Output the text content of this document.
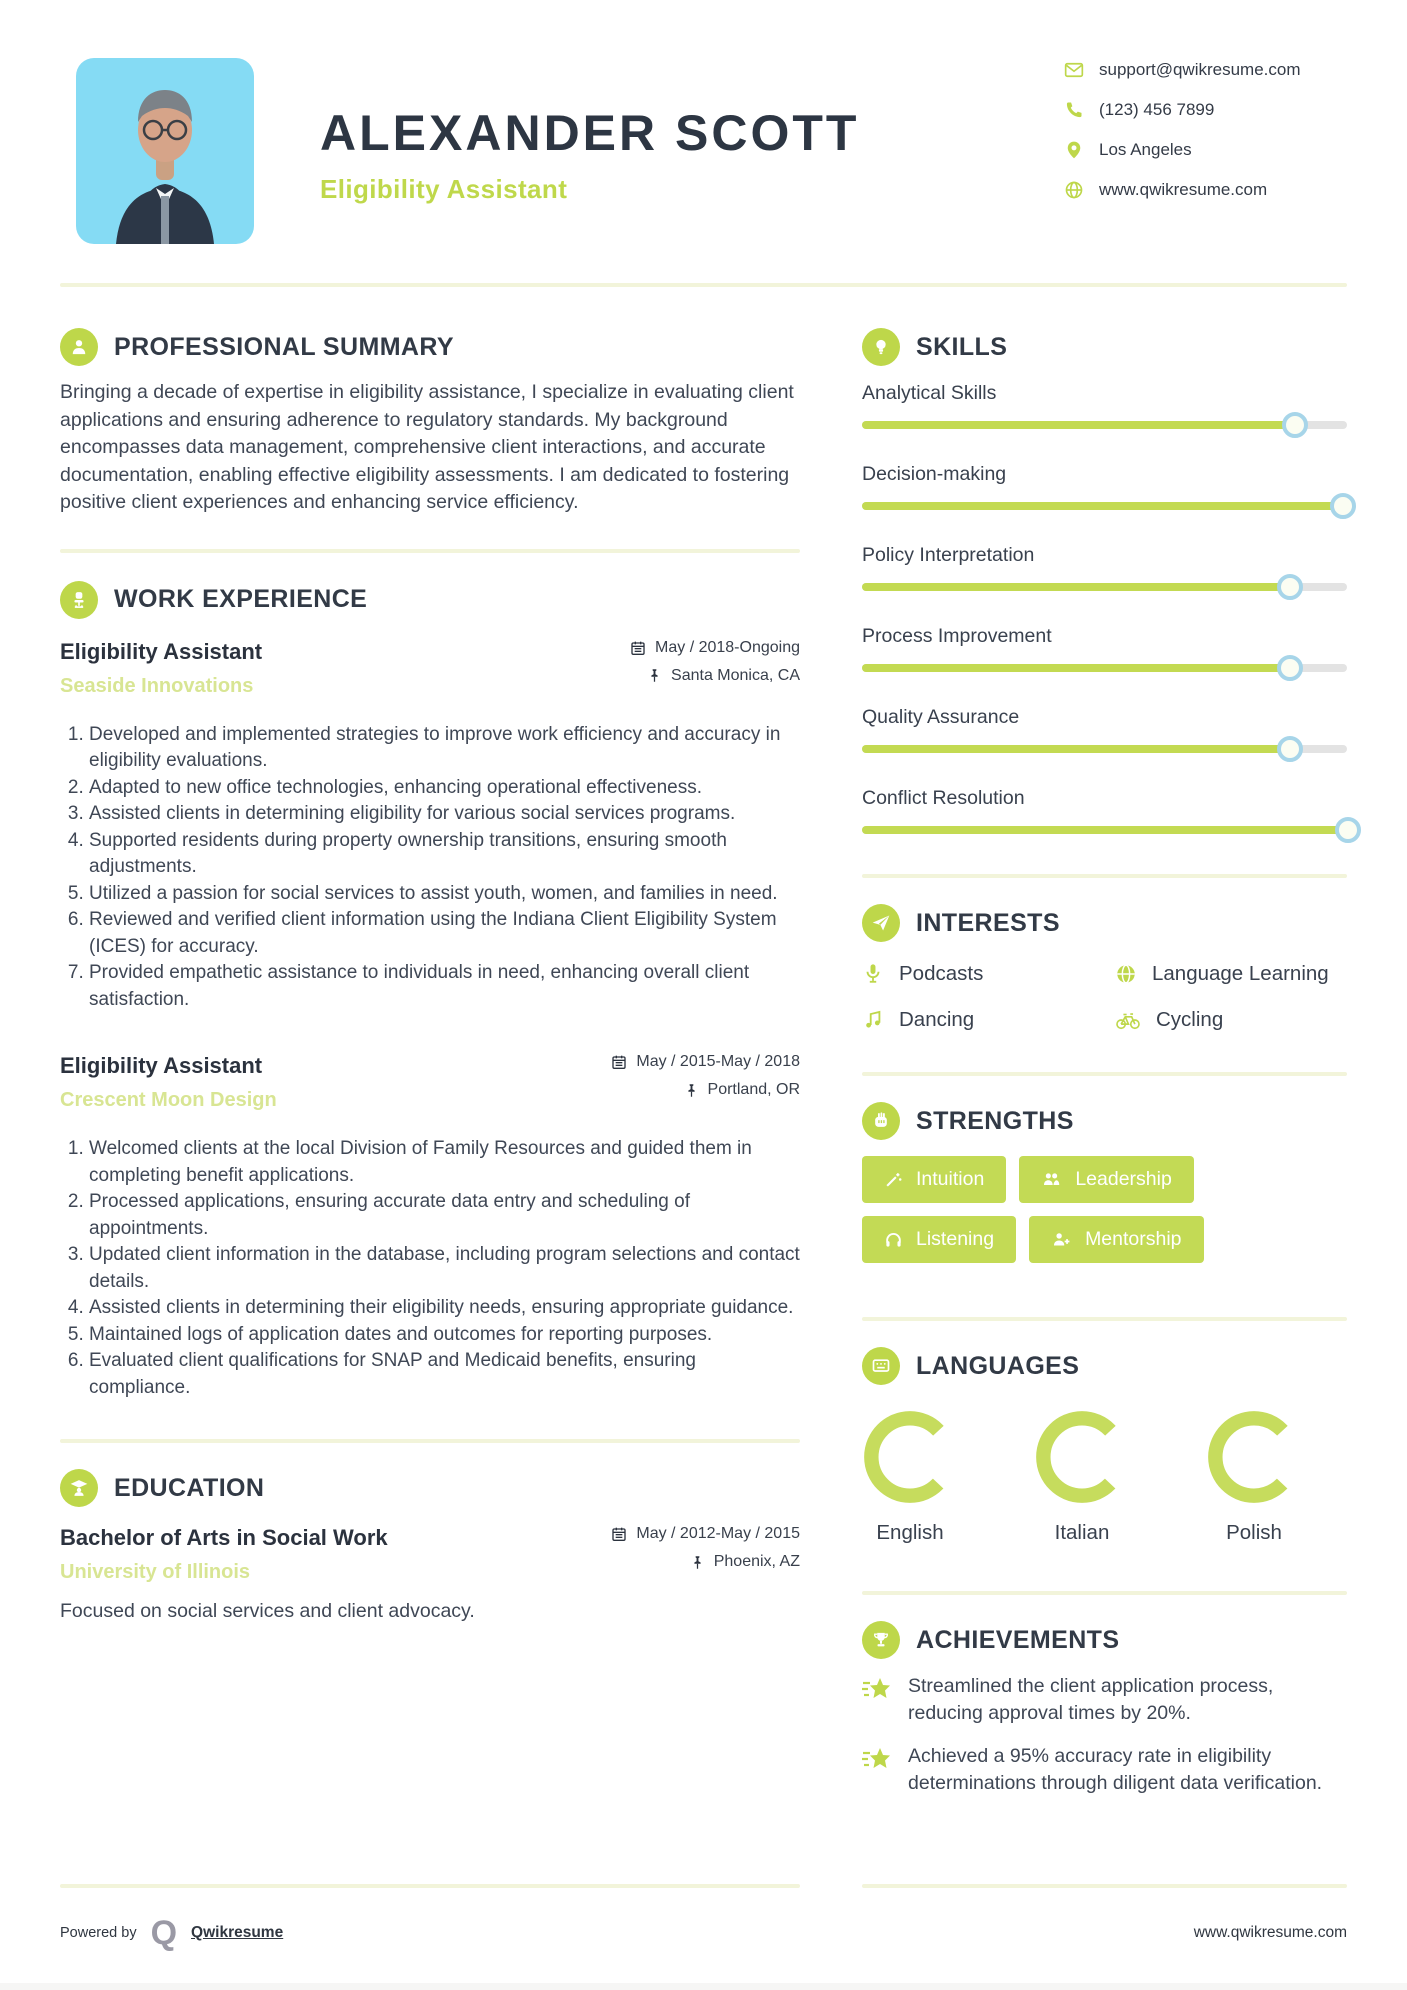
ALEXANDER SCOTT
Eligibility Assistant
support@qwikresume.com
(123) 456 7899
Los Angeles
www.qwikresume.com
PROFESSIONAL SUMMARY

Bringing a decade of expertise in eligibility assistance, I specialize in evaluating client applications and ensuring adherence to regulatory standards. My background encompasses data management, comprehensive client interactions, and accurate documentation, enabling effective eligibility assessments. I am dedicated to fostering positive client experiences and enhancing service efficiency.

WORK EXPERIENCE
Eligibility Assistant
Seaside Innovations
May / 2018-Ongoing
Santa Monica, CA
1. Developed and implemented strategies to improve work efficiency and accuracy in eligibility evaluations.
2. Adapted to new office technologies, enhancing operational effectiveness.
3. Assisted clients in determining eligibility for various social services programs.
4. Supported residents during property ownership transitions, ensuring smooth adjustments.
5. Utilized a passion for social services to assist youth, women, and families in need.
6. Reviewed and verified client information using the Indiana Client Eligibility System (ICES) for accuracy.
7. Provided empathetic assistance to individuals in need, enhancing overall client satisfaction.
Eligibility Assistant
Crescent Moon Design
May / 2015-May / 2018
Portland, OR
1. Welcomed clients at the local Division of Family Resources and guided them in completing benefit applications.
2. Processed applications, ensuring accurate data entry and scheduling of appointments.
3. Updated client information in the database, including program selections and contact details.
4. Assisted clients in determining their eligibility needs, ensuring appropriate guidance.
5. Maintained logs of application dates and outcomes for reporting purposes.
6. Evaluated client qualifications for SNAP and Medicaid benefits, ensuring compliance.
EDUCATION
Bachelor of Arts in Social Work
University of Illinois
May / 2012-May / 2015
Phoenix, AZ

Focused on social services and client advocacy.

SKILLS
Analytical Skills
Decision-making
Policy Interpretation
Process Improvement
Quality Assurance
Conflict Resolution
INTERESTS
Podcasts	Language Learning
Dancing	Cycling
STRENGTHS
Intuition	Leadership
Listening	Mentorship
LANGUAGES
English	Italian	Polish
ACHIEVEMENTS
Streamlined the client application process, reducing approval times by 20%.
Achieved a 95% accuracy rate in eligibility determinations through diligent data verification.
Powered by Q Qwikresume	www.qwikresume.com
